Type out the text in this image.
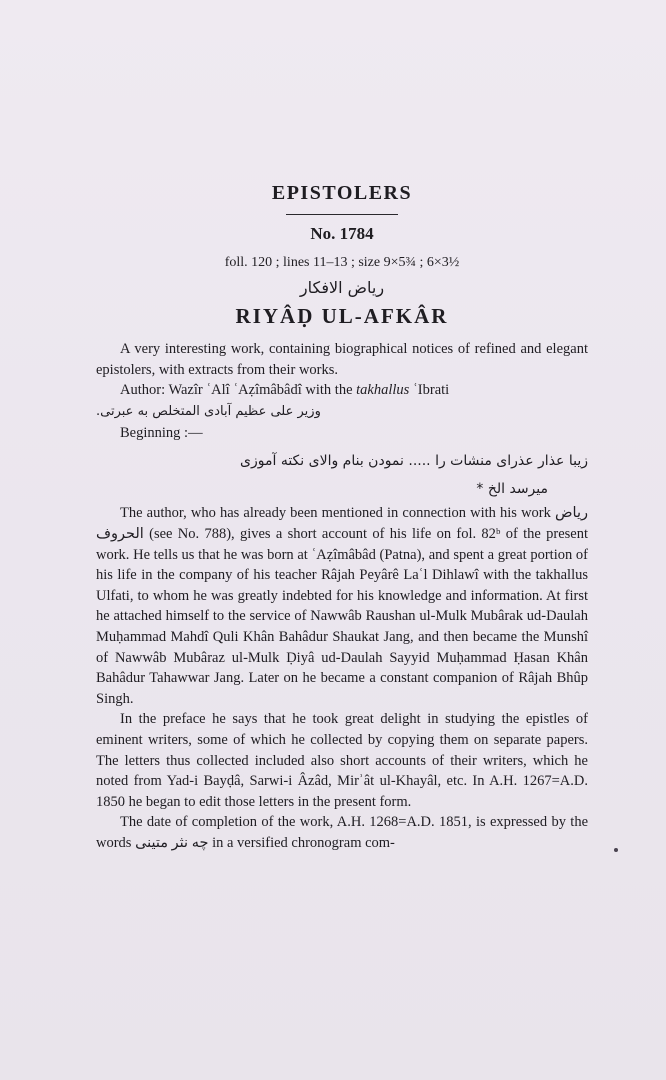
EPISTOLERS
No. 1784
foll. 120 ; lines 11–13 ; size 9×5¾ ; 6×3½
رياض الافكار
RIYÂḌ UL-AFKÂR

A very interesting work, containing biographical notices of refined and elegant epistolers, with extracts from their works.

Author: Wazîr ʿAlî ʿAẓîmâbâdî with the takhallus ʿIbrati

وزیر علی عظیم آبادی المتخلص به عبرتی.

Beginning :—

زیبا عذار عذرای منشات را ..... نمودن بنام والای نکته آموزی

میرسد الخ *

The author, who has already been mentioned in connection with his work ریاض الحروف (see No. 788), gives a short account of his life on fol. 82ᵇ of the present work. He tells us that he was born at ʿAẓîmâbâd (Patna), and spent a great portion of his life in the company of his teacher Râjah Peyârê Laʿl Dihlawî with the takhallus Ulfati, to whom he was greatly indebted for his knowledge and information. At first he attached himself to the service of Nawwâb Raushan ul-Mulk Mubârak ud-Daulah Muḥammad Mahdî Quli Khân Bahâdur Shaukat Jang, and then became the Munshî of Nawwâb Mubâraz ul-Mulk Ḍiyâ ud-Daulah Sayyid Muḥammad Ḥasan Khân Bahâdur Tahawwar Jang. Later on he became a constant companion of Râjah Bhûp Singh.

In the preface he says that he took great delight in studying the epistles of eminent writers, some of which he collected by copying them on separate papers. The letters thus collected included also short accounts of their writers, which he noted from Yad-i Bayḍâ, Sarwi-i Âzâd, Mirʾât ul-Khayâl, etc. In A.H. 1267=A.D. 1850 he began to edit those letters in the present form.

The date of completion of the work, A.H. 1268=A.D. 1851, is expressed by the words چه نثر متینی in a versified chronogram com-
